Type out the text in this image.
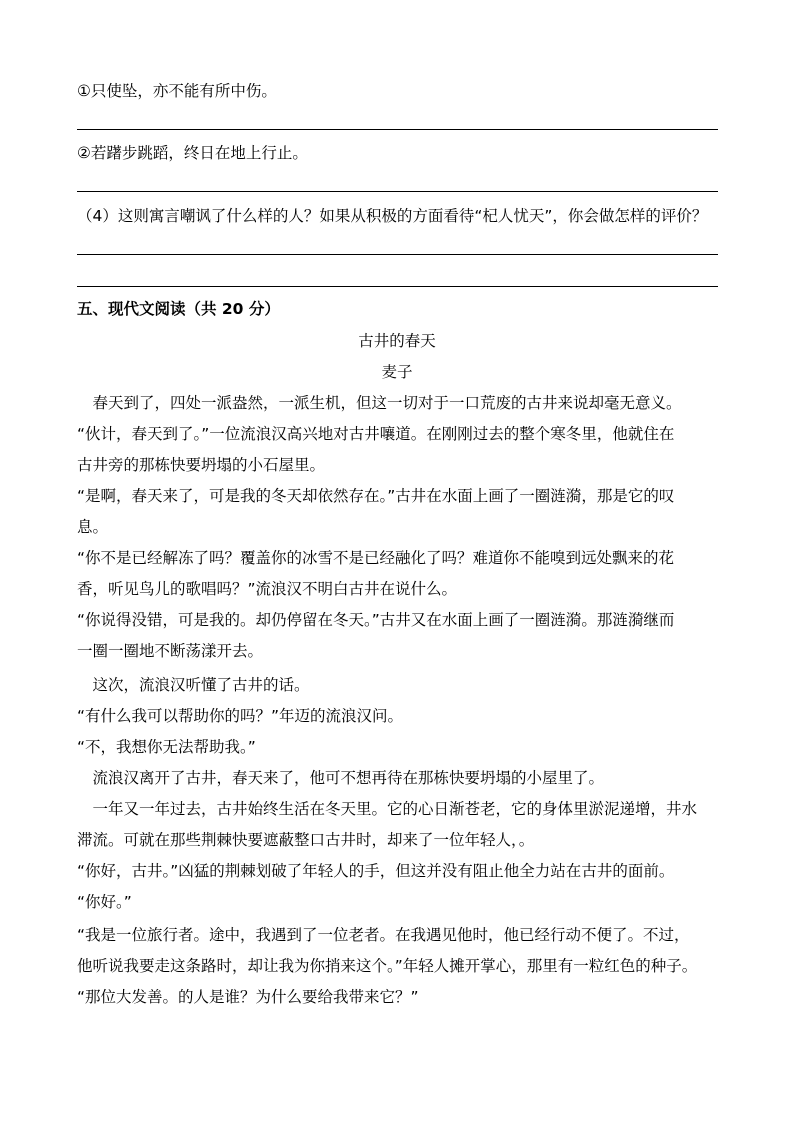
①只使坠，亦不能有所中伤。
②若躇步跳蹈，终日在地上行止。
（4）这则寓言嘲讽了什么样的人？如果从积极的方面看待“杞人忧天”，你会做怎样的评价？
五、现代文阅读（共 20 分）
古井的春天
麦子
　春天到了，四处一派盎然，一派生机，但这一切对于一口荒废的古井来说却毫无意义。
“伙计，春天到了。”一位流浪汉高兴地对古井嚷道。在刚刚过去的整个寒冬里，他就住在
古井旁的那栋快要坍塌的小石屋里。
“是啊，春天来了，可是我的冬天却依然存在。”古井在水面上画了一圈涟漪，那是它的叹
息。
“你不是已经解冻了吗？覆盖你的冰雪不是已经融化了吗？难道你不能嗅到远处飘来的花
香，听见鸟儿的歌唱吗？”流浪汉不明白古井在说什么。
“你说得没错，可是我的。却仍停留在冬天。”古井又在水面上画了一圈涟漪。那涟漪继而
一圈一圈地不断荡漾开去。
　这次，流浪汉听懂了古井的话。
“有什么我可以帮助你的吗？”年迈的流浪汉问。
“不，我想你无法帮助我。”
　流浪汉离开了古井，春天来了，他可不想再待在那栋快要坍塌的小屋里了。
　一年又一年过去，古井始终生活在冬天里。它的心日渐苍老，它的身体里淤泥递增，井水
滞流。可就在那些荆棘快要遮蔽整口古井时，却来了一位年轻人，。
“你好，古井。”凶猛的荆棘划破了年轻人的手，但这并没有阻止他全力站在古井的面前。
“你好。”
“我是一位旅行者。途中，我遇到了一位老者。在我遇见他时，他已经行动不便了。不过，
他听说我要走这条路时，却让我为你捎来这个。”年轻人摊开掌心，那里有一粒红色的种子。
“那位大发善。的人是谁？为什么要给我带来它？”
